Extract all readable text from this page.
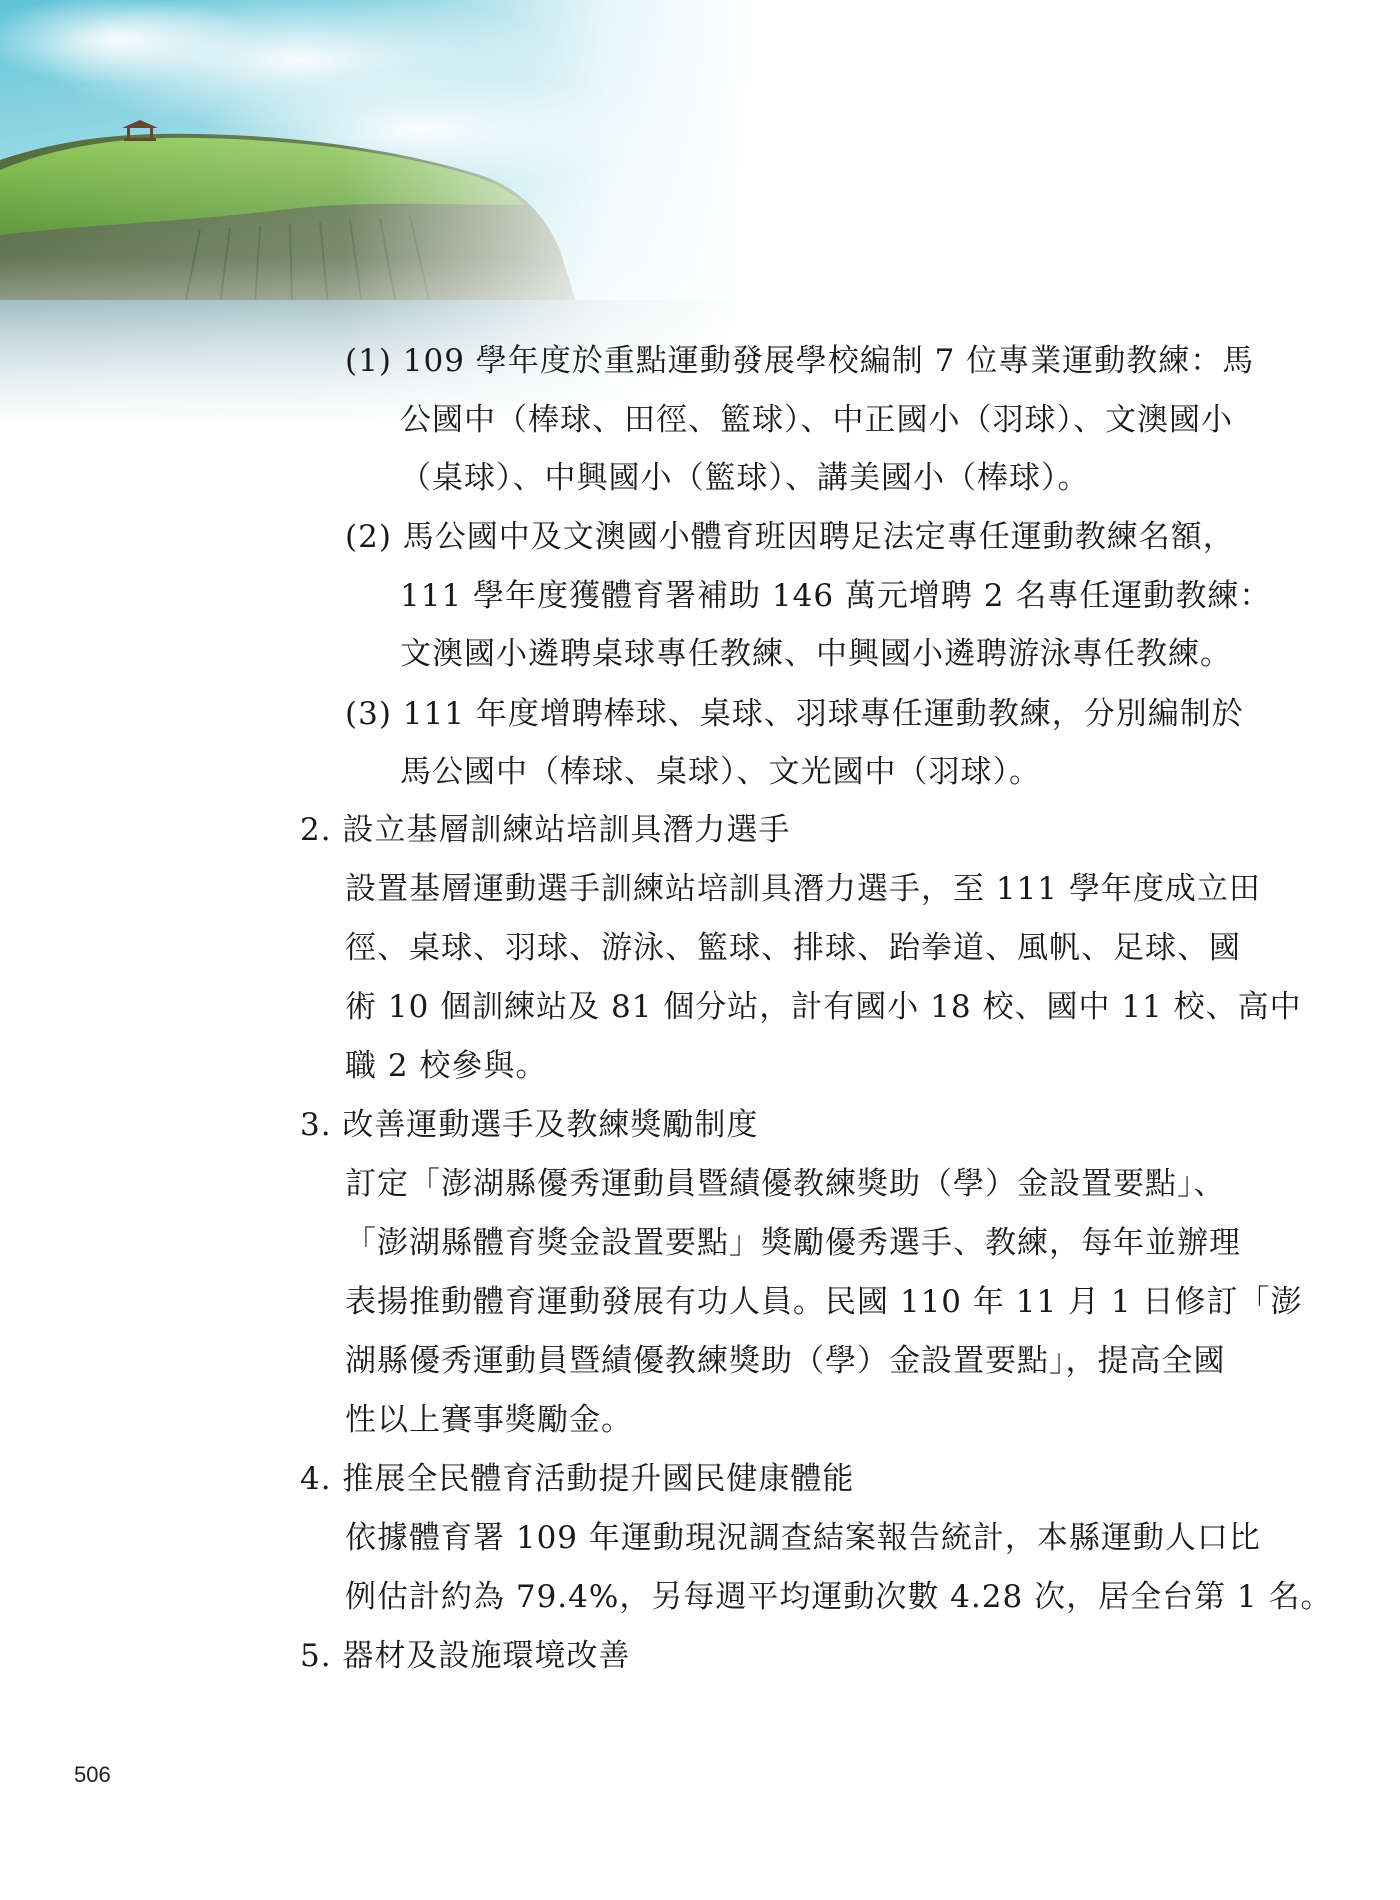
(1) 109 學年度於重點運動發展學校編制 7 位專業運動教練：馬
公國中（棒球、田徑、籃球）、中正國小（羽球）、文澳國小
（桌球）、中興國小（籃球）、講美國小（棒球）。
(2) 馬公國中及文澳國小體育班因聘足法定專任運動教練名額，
111 學年度獲體育署補助 146 萬元增聘 2 名專任運動教練：
文澳國小遴聘桌球專任教練、中興國小遴聘游泳專任教練。
(3) 111 年度增聘棒球、桌球、羽球專任運動教練，分別編制於
馬公國中（棒球、桌球）、文光國中（羽球）。
2. 設立基層訓練站培訓具潛力選手
設置基層運動選手訓練站培訓具潛力選手，至 111 學年度成立田
徑、桌球、羽球、游泳、籃球、排球、跆拳道、風帆、足球、國
術 10 個訓練站及 81 個分站，計有國小 18 校、國中 11 校、高中
職 2 校參與。
3. 改善運動選手及教練獎勵制度
訂定「澎湖縣優秀運動員暨績優教練獎助（學）金設置要點」、
「澎湖縣體育獎金設置要點」獎勵優秀選手、教練，每年並辦理
表揚推動體育運動發展有功人員。民國 110 年 11 月 1 日修訂「澎
湖縣優秀運動員暨績優教練獎助（學）金設置要點」，提高全國
性以上賽事獎勵金。
4. 推展全民體育活動提升國民健康體能
依據體育署 109 年運動現況調查結案報告統計，本縣運動人口比
例估計約為 79.4%，另每週平均運動次數 4.28 次，居全台第 1 名。
5. 器材及設施環境改善
506
